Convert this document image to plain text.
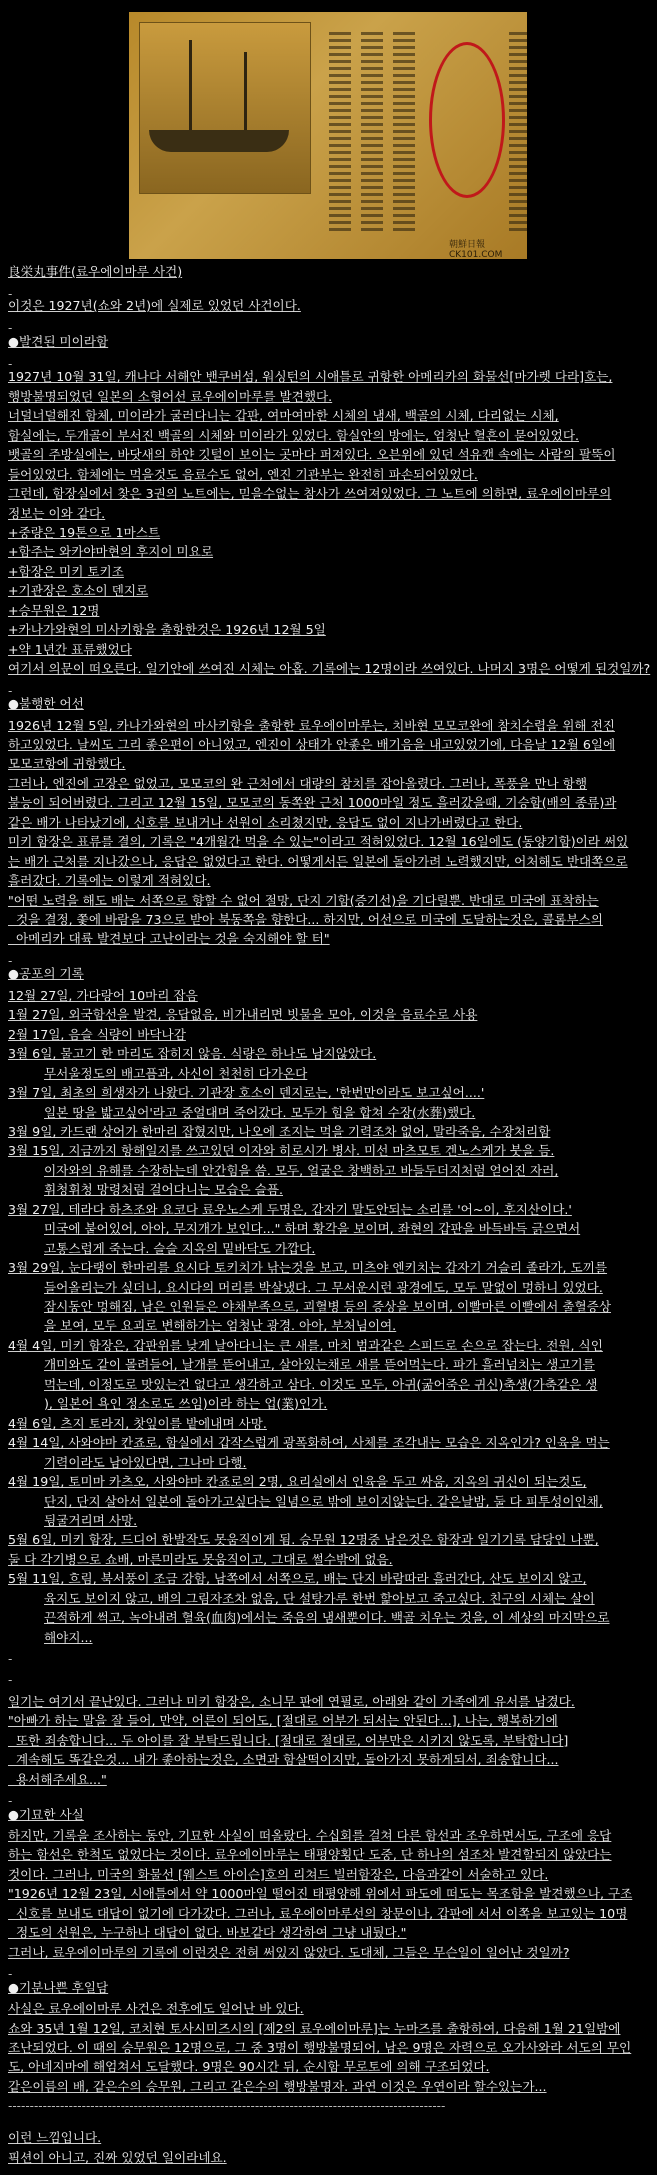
朝鮮日報 CK101.COM
良栄丸事件(료우에이마루 사건)
-
이것은 1927년(쇼와 2년)에 실제로 있었던 사건이다.
-
●발견된 미이라함
-
1927년 10월 31일, 캐나다 서해안 밴쿠버섬, 워싱턴의 시애틀로 귀항한 아메리카의 화물선[마가렛 다라]호는,
행방불명되었던 일본의 소형어선 료우에이마루를 발견했다.
너덜너덜해진 함체, 미이라가 굴러다니는 갑판, 여마여마한 시체의 냄새, 백골의 시체, 다리없는 시체,
함실에는, 두개골이 부서진 백골의 시체와 미이라가 있었다. 함실안의 방에는, 엄청난 혈흔이 묻어있었다.
뱃골의 주방실에는, 바닷새의 하얀 깃털이 보이는 곳마다 퍼져있다. 오븐위에 있던 석유캔 속에는 사람의 팔뚝이
들어있었다. 함체에는 먹을것도 음료수도 없어, 엔진 기관부는 완전히 파손되어있었다.
그런데, 함장실에서 찾은 3권의 노트에는, 믿을수없는 참사가 쓰여져있었다. 그 노트에 의하면, 료우에이마루의
정보는 이와 같다.
+중량은 19톤으로 1마스트
+함주는 와카야마현의 후지이 미요로
+함장은 미키 토키조
+기관장은 호소이 덴지로
+승무원은 12명
+카나가와현의 미사키항을 출항한것은 1926년 12월 5일
+약 1년간 표류했었다
여기서 의문이 떠오른다. 일기안에 쓰여진 시체는 아홉. 기록에는 12명이라 쓰여있다. 나머지 3명은 어떻게 된것일까?
-
●불행한 어선
1926년 12월 5일, 카나가와현의 마사키항을 출항한 료우에이마루는, 치바현 모모코완에 참치수렵을 위해 전진
하고있었다. 날씨도 그리 좋은편이 아니었고, 엔진이 상태가 안좋은 배기음을 내고있었기에, 다음날 12월 6일에
모모코항에 귀항했다.
그러나, 엔진에 고장은 없었고, 모모코의 완 근처에서 대량의 참치를 잡아올렸다. 그러나, 폭풍을 만나 항행
불능이 되어버렸다. 그리고 12월 15일, 모모코의 동쪽완 근처 1000마일 정도 흘러갔을때, 기승함(배의 종류)과
같은 배가 나타났기에, 신호를 보내거나 선원이 소리쳤지만, 응답도 없이 지나가버렸다고 한다.
미키 함장은 표류를 결의, 기록은 "4개월간 먹을 수 있는"이라고 적혀있었다. 12월 16일에도 (동양기함)이라 써있
는 배가 근처를 지나갔으나, 응답은 없었다고 한다. 어떻게서든 일본에 돌아가려 노력했지만, 어처해도 반대쪽으로
흘러갔다. 기록에는 이렇게 적혀있다.
"어떤 노력을 해도 배는 서쪽으로 향할 수 없어 절망, 단지 기함(증기선)을 기다릴뿐. 반대로 미국에 표착하는
것을 결정, 쫓에 바람을 73으로 받아 북동쪽을 향한다... 하지만, 어선으로 미국에 도달하는것은, 콜롬부스의
아메리카 대륙 발견보다 고난이라는 것을 숙지해야 할 터"
-
●공포의 기록
12월 27일, 가다랑어 10마리 잡음
1월 27일, 외국함선을 발견, 응답없음, 비가내리면 빗물을 모아, 이것을 음료수로 사용
2월 17일, 음슬 식량이 바닥나감
3월 6일, 물고기 한 마리도 잡히지 않음. 식량은 하나도 남지않았다.
무서울정도의 배고픔과, 사신이 천천히 다가온다
3월 7일, 최초의 희생자가 나왔다. 기관장 호소이 덴지로는, '한번만이라도 보고싶어....'
일본 땅을 밟고싶어'라고 중얼대며 죽어갔다. 모두가 힘을 합쳐 수장(水葬)했다.
3월 9일, 카드랜 상어가 한마리 잡혔지만, 나오에 조지는 먹을 기력조차 없어, 말라죽음, 수장처리함
3월 15일, 지금까지 항해일지를 쓰고있던 이자와 히로시가 병사. 미선 마츠모토 겐노스케가 붓을 듬.
이자와의 유해를 수장하는데 안간힘을 씀. 모두, 얼굴은 창백하고 바들두더지처럼 얻어진 자러,
휘청휘청 망령처럼 걸어다니는 모습은 슬픔.
3월 27일, 테라다 하츠조와 요코다 료우노스케 두명은, 갑자기 말도안되는 소리를 '어~이, 후지산이다.'
미국에 붙어있어, 아아, 무지개가 보인다..." 하며 황각을 보이며, 좌현의 갑판을 바득바득 긁으면서
고통스럽게 죽는다. 슬슬 지옥의 밑바닥도 가깝다.
3월 29일, 눈다랭이 한마리를 요시다 토키치가 낚는것을 보고, 미츠야 엔키치는 갑자기 거슬리 졸라가, 도끼를
들어올리는가 싶더니, 요시다의 머리를 박살냈다. 그 무서운시런 광경에도, 모두 말없이 멍하니 있었다.
잠시동안 멍해짐, 남은 인원들은 야채부족으로, 괴혈병 등의 증상을 보이며, 이빨마른 이빨에서 출혈증상
을 보여, 모두 요괴로 변해하가는 엄청난 광경. 아아, 부처님이여.
4월 4일, 미키 함장은, 갑판위를 낮게 날아다니는 큰 새를, 마치 범과같은 스피드로 손으로 잡는다. 전원, 식인
개미와도 같이 몰려들어, 날개를 뜯어내고, 살아있는채로 새를 뜯어먹는다. 파가 흘러넘치는 생고기를
먹는데, 이정도로 맛있는건 없다고 생각하고 삼다. 이것도 모두, 아귀(굶어죽은 귀신)축생(가축같은 생
), 일본어 욕인 정소로도 쓰임)이라 하는 업(業)인가.
4월 6일, 츠지 토라지, 찻잎이를 밭에내며 사망.
4월 14일, 사와야마 칸죠로, 함실에서 갑작스럽게 광폭화하여, 사체를 조각내는 모습은 지옥인가? 인육을 먹는
기력이라도 남아있다면, 그나마 다행.
4월 19일, 토미마 카츠오, 사와야마 칸죠로의 2명, 요리실에서 인육을 두고 싸움, 지옥의 귀신이 되는것도,
단지, 단지 살아서 일본에 돌아가고싶다는 일념으로 밖에 보이지않는다. 같은날밤, 둘 다 피투성이인채,
뒹굴거리며 사망.
5월 6일, 미키 함장, 드디어 한발작도 못움직이게 됨. 승무원 12명중 남은것은 함장과 일기기록 담당인 나뿐,
둘 다 각기병으로 쇼배, 마른미라도 못움직이고, 그대로 썰수밖에 없음.
5월 11일, 흐림, 북서풍이 조금 강함, 남쪽에서 서쪽으로, 배는 단지 바람따라 흘러간다, 산도 보이지 않고,
육지도 보이지 않고, 배의 그림자조차 없음, 단 설탕가루 한번 핥아보고 죽고싶다. 친구의 시체는 살이
끈적하게 썩고, 녹아내려 혈육(血肉)에서는 죽음의 냄새뿐이다. 백골 치우는 것을, 이 세상의 마지막으로
해야지...
-
-
일기는 여기서 끝난있다. 그러나 미키 함장은, 소니무 판에 연필로, 아래와 같이 가족에게 유서를 남겼다.
"아빠가 하는 말을 잘 들어, 만약, 어른이 되어도, [절대로 어부가 되서는 안된다...], 나는, 행복하기에
또한 죄송합니다... 두 아이를 잘 부탁드립니다. [절대로 절대로, 어부만은 시키지 않도록, 부탁합니다]
계속해도 똑같은것... 내가 좋아하는것은, 소면과 함살떡이지만, 돌아가지 못하게되서, 죄송합니다...
용서해주세요..."
-
●기묘한 사실
하지만, 기록을 조사하는 동안, 기묘한 사실이 떠올랐다. 수십회를 걸쳐 다른 함선과 조우하면서도, 구조에 응답
하는 함선은 한척도 없었다는 것이다. 료우에이마루는 태평양횡단 도중, 단 하나의 섬조차 발견할되지 않았다는
것이다. 그러나, 미국의 화물선 [웨스트 아이슨]호의 리쳐드 빌러함장은, 다음과같이 서술하고 있다.
"1926년 12월 23일, 시애틀에서 약 1000마일 떨어진 태평양해 위에서 파도에 떠도는 목조함을 발견했으나, 구조
신호를 보내도 대답이 없기에 다가갔다. 그러나, 료우에이마루선의 창문이나, 갑판에 서서 이쪽을 보고있는 10명
정도의 선원은, 누구하나 대답이 없다. 바보같다 생각하여 그냥 내뒀다."
그러나, 료우에이마루의 기록에 이런것은 전혀 써있지 않았다. 도대체, 그들은 무슨일이 일어난 것일까?
-
●기분나쁜 후일담
사실은 료우에이마루 사건은 전후에도 일어난 바 있다.
쇼와 35년 1월 12일, 코치현 토사시미즈시의 [제2의 료우에이마루]는 누마즈를 출항하여, 다음해 1월 21일밤에
조난되었다. 이 때의 승무원은 12명으로, 그 중 3명이 행방불명되어, 남은 9명은 자력으로 오가사와라 서도의 무인
도, 아네지마에 해엄쳐서 도달했다. 9명은 90시간 뒤, 순시함 무로토에 의해 구조되었다.
같은이름의 배, 같은수의 승무원, 그리고 같은수의 행방불명자. 과연 이것은 우연이라 할수있는가...
-----------------------------------------------------------------------------------------------------
이런 느낌입니다.
픽션이 아니고, 진짜 있었던 일이라네요.
